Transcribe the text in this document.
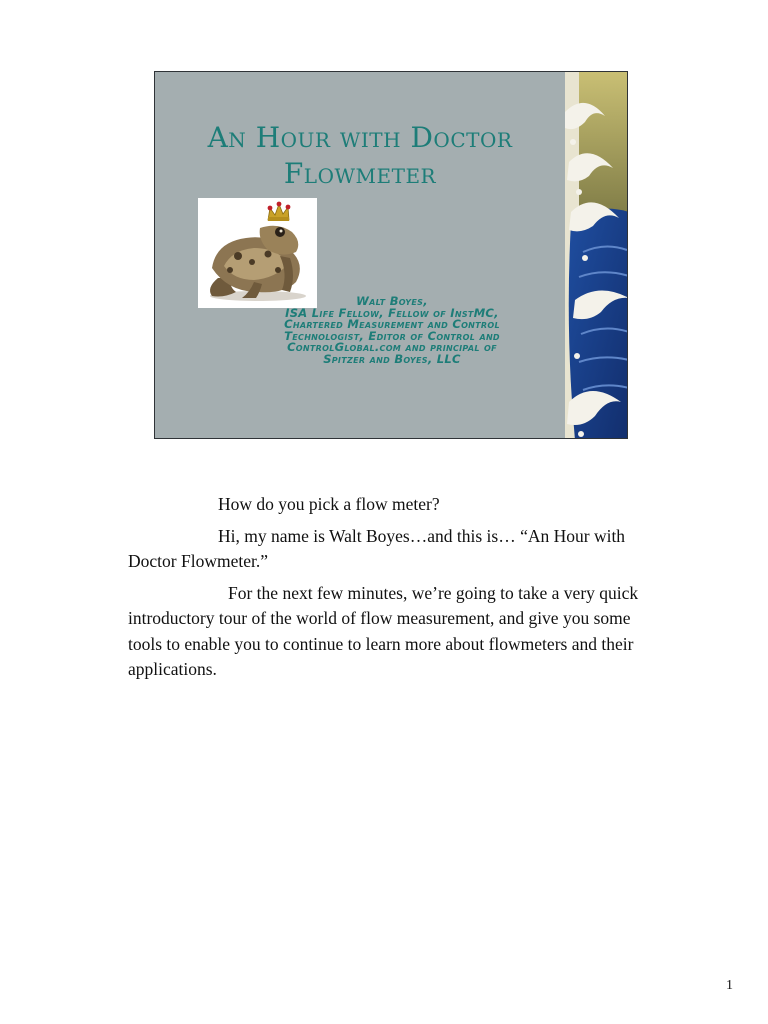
An Hour with Doctor
Flowmeter
Walt Boyes,
ISA Life Fellow, Fellow of InstMC,
Chartered Measurement and Control
Technologist, Editor of Control and
ControlGlobal.com and principal of
Spitzer and Boyes, LLC

How do you pick a flow meter?

Hi, my name is Walt Boyes…and this is… “An Hour with Doctor Flowmeter.”

For the next few minutes, we’re going to take a very quick introductory tour of the world of flow measurement, and give you some tools to enable you to continue to learn more about flowmeters and their applications.

1
